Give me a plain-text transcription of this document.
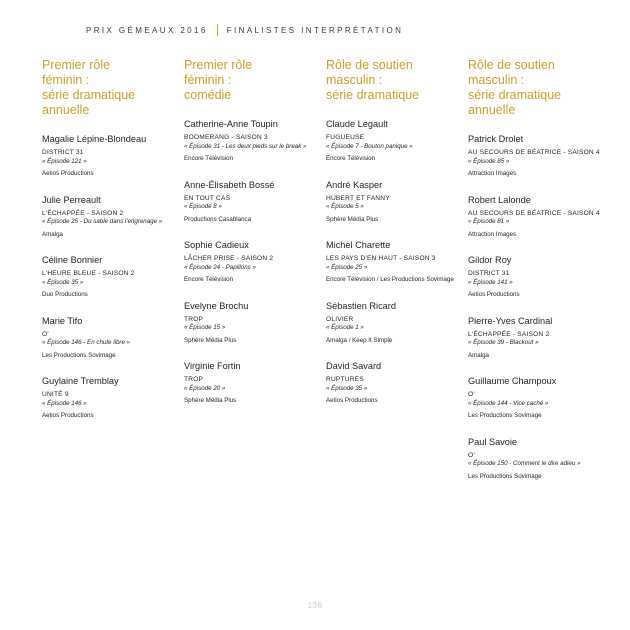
PRIX GÉMEAUX 2016 FINALISTES INTERPRÉTATION
Premier rôle
féminin :
série dramatique
annuelle
Magalie Lépine-Blondeau
DISTRICT 31
« Épisode 121 »
Aetios Productions
Julie Perreault
L'ÉCHAPPÉE - SAISON 2
« Épisode 25 - Du sable dans l'engrenage »
Amalga
Céline Bonnier
L'HEURE BLEUE - SAISON 2
« Épisode 35 »
Duo Productions
Marie Tifo
O'
« Épisode 146 - En chute libre »
Les Productions Sovimage
Guylaine Tremblay
UNITÉ 9
« Épisode 146 »
Aetios Productions
Premier rôle
féminin :
comédie
Catherine-Anne Toupin
BOOMERANG - SAISON 3
« Épisode 31 - Les deux pieds sur le break »
Encore Télévision
Anne-Élisabeth Bossé
EN TOUT CAS
« Épisode 8 »
Productions Casablanca
Sophie Cadieux
LÂCHER PRISE - SAISON 2
« Épisode 24 - Papillons »
Encore Télévision
Evelyne Brochu
TROP
« Épisode 15 »
Sphère Média Plus
Virginie Fortin
TROP
« Épisode 20 »
Sphère Média Plus
Rôle de soutien
masculin :
série dramatique
Claude Legault
FUGUEUSE
« Épisode 7 - Bouton panique »
Encore Télévision
André Kasper
HUBERT ET FANNY
« Épisode 5 »
Sphère Média Plus
Michel Charette
LES PAYS D'EN HAUT - SAISON 3
« Épisode 25 »
Encore Télévision / Les Productions Sovimage
Sébastien Ricard
OLIVIER
« Épisode 1 »
Amalga / Keep It Simple
David Savard
RUPTURES
« Épisode 35 »
Aetios Productions
Rôle de soutien
masculin :
série dramatique
annuelle
Patrick Drolet
AU SECOURS DE BÉATRICE - SAISON 4
« Épisode 85 »
Attraction Images
Robert Lalonde
AU SECOURS DE BÉATRICE - SAISON 4
« Épisode 81 »
Attraction Images
Gildor Roy
DISTRICT 31
« Épisode 141 »
Aetios Productions
Pierre-Yves Cardinal
L'ÉCHAPPÉE - SAISON 2
« Épisode 39 - Blackout »
Amalga
Guillaume Champoux
O'
« Épisode 144 - Vice caché »
Les Productions Sovimage
Paul Savoie
O'
« Épisode 150 - Comment le dire adieu »
Les Productions Sovimage
136
